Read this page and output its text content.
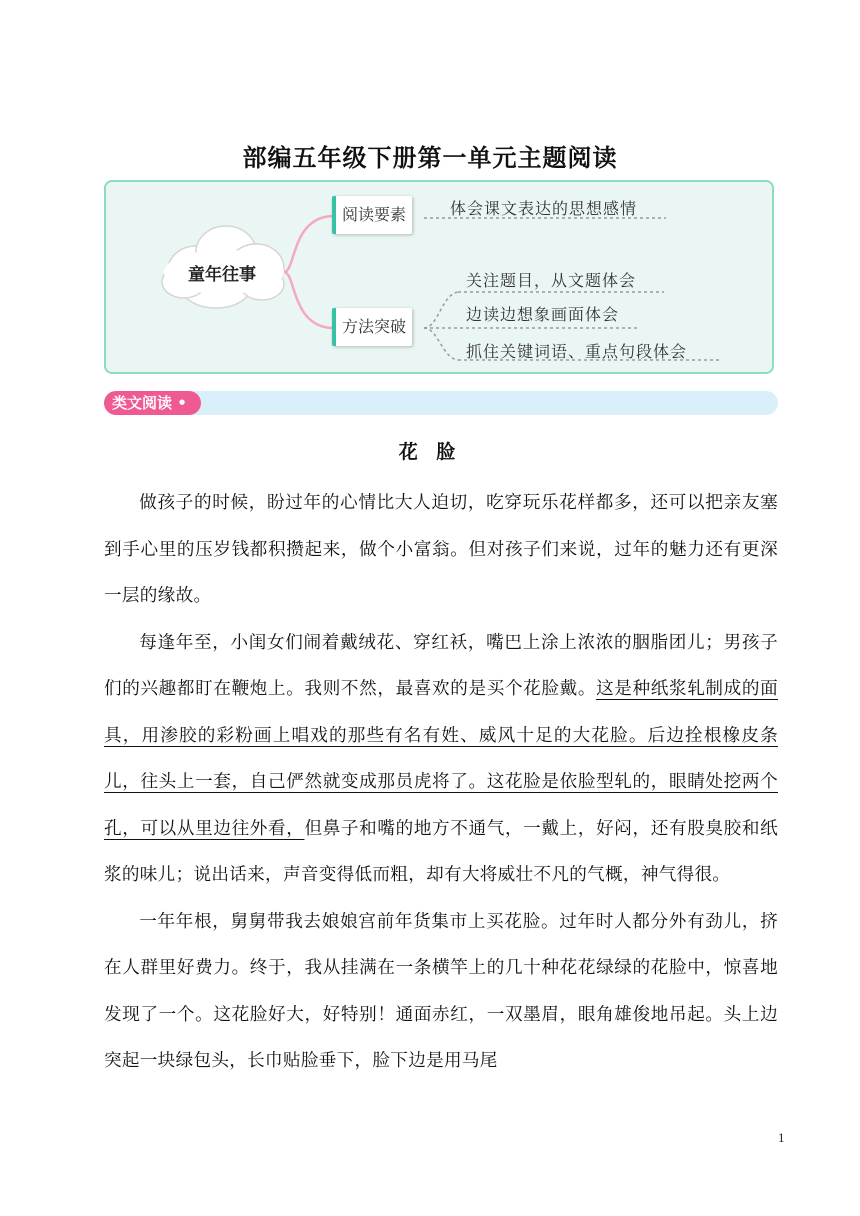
部编五年级下册第一单元主题阅读
童年往事
阅读要素	体会课文表达的思想感情
方法突破
关注题目，从文题体会
边读边想象画面体会
抓住关键词语、重点句段体会
类文阅读 •
花 脸

做孩子的时候，盼过年的心情比大人迫切，吃穿玩乐花样都多，还可以把亲友塞到手心里的压岁钱都积攒起来，做个小富翁。但对孩子们来说，过年的魅力还有更深一层的缘故。

每逢年至，小闺女们闹着戴绒花、穿红袄，嘴巴上涂上浓浓的胭脂团儿；男孩子们的兴趣都盯在鞭炮上。我则不然，最喜欢的是买个花脸戴。这是种纸浆轧制成的面具，用渗胶的彩粉画上唱戏的那些有名有姓、威风十足的大花脸。后边拴根橡皮条儿，往头上一套，自己俨然就变成那员虎将了。这花脸是依脸型轧的，眼睛处挖两个孔，可以从里边往外看，但鼻子和嘴的地方不通气，一戴上，好闷，还有股臭胶和纸浆的味儿；说出话来，声音变得低而粗，却有大将威壮不凡的气概，神气得很。

一年年根，舅舅带我去娘娘宫前年货集市上买花脸。过年时人都分外有劲儿，挤在人群里好费力。终于，我从挂满在一条横竿上的几十种花花绿绿的花脸中，惊喜地发现了一个。这花脸好大，好特别！通面赤红，一双墨眉，眼角雄俊地吊起。头上边突起一块绿包头，长巾贴脸垂下，脸下边是用马尾

1
